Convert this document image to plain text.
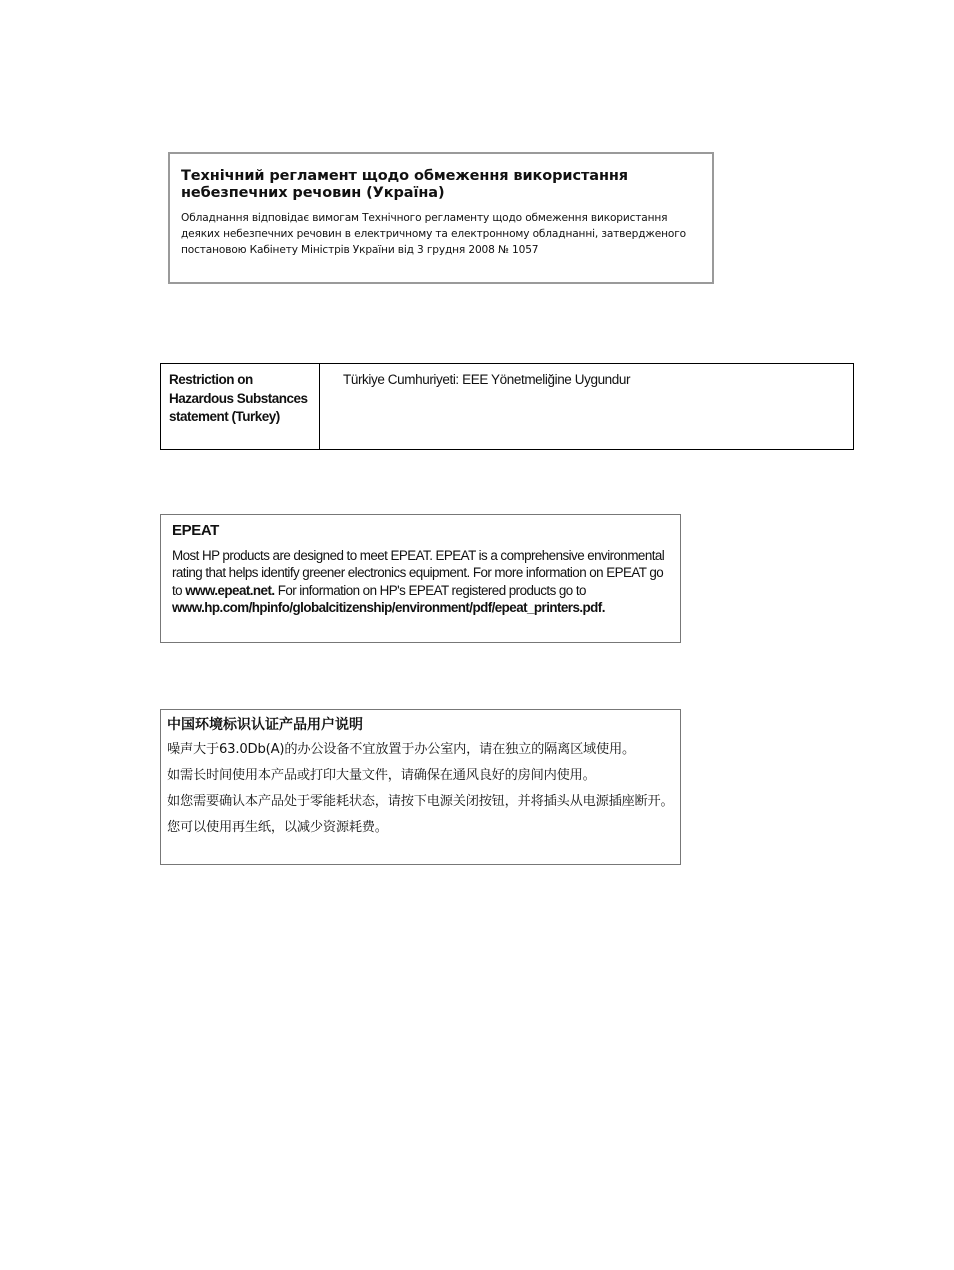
Технічний регламент щодо обмеження використання небезпечних речовин (Україна)

Обладнання відповідає вимогам Технічного регламенту щодо обмеження використання деяких небезпечних речовин в електричному та електронному обладнанні, затвердженого постановою Кабінету Міністрів України від 3 грудня 2008 № 1057

Restriction on Hazardous Substances statement (Turkey)	Türkiye Cumhuriyeti: EEE Yönetmeliğine Uygundur

EPEAT

Most HP products are designed to meet EPEAT. EPEAT is a comprehensive environmental rating that helps identify greener electronics equipment. For more information on EPEAT go to www.epeat.net. For information on HP's EPEAT registered products go to
www.hp.com/hpinfo/globalcitizenship/environment/pdf/epeat_printers.pdf.

中国环境标识认证产品用户说明

噪声大于63.0Db(A)的办公设备不宜放置于办公室内，请在独立的隔离区域使用。

如需长时间使用本产品或打印大量文件，请确保在通风良好的房间内使用。

如您需要确认本产品处于零能耗状态，请按下电源关闭按钮，并将插头从电源插座断开。

您可以使用再生纸，以减少资源耗费。
